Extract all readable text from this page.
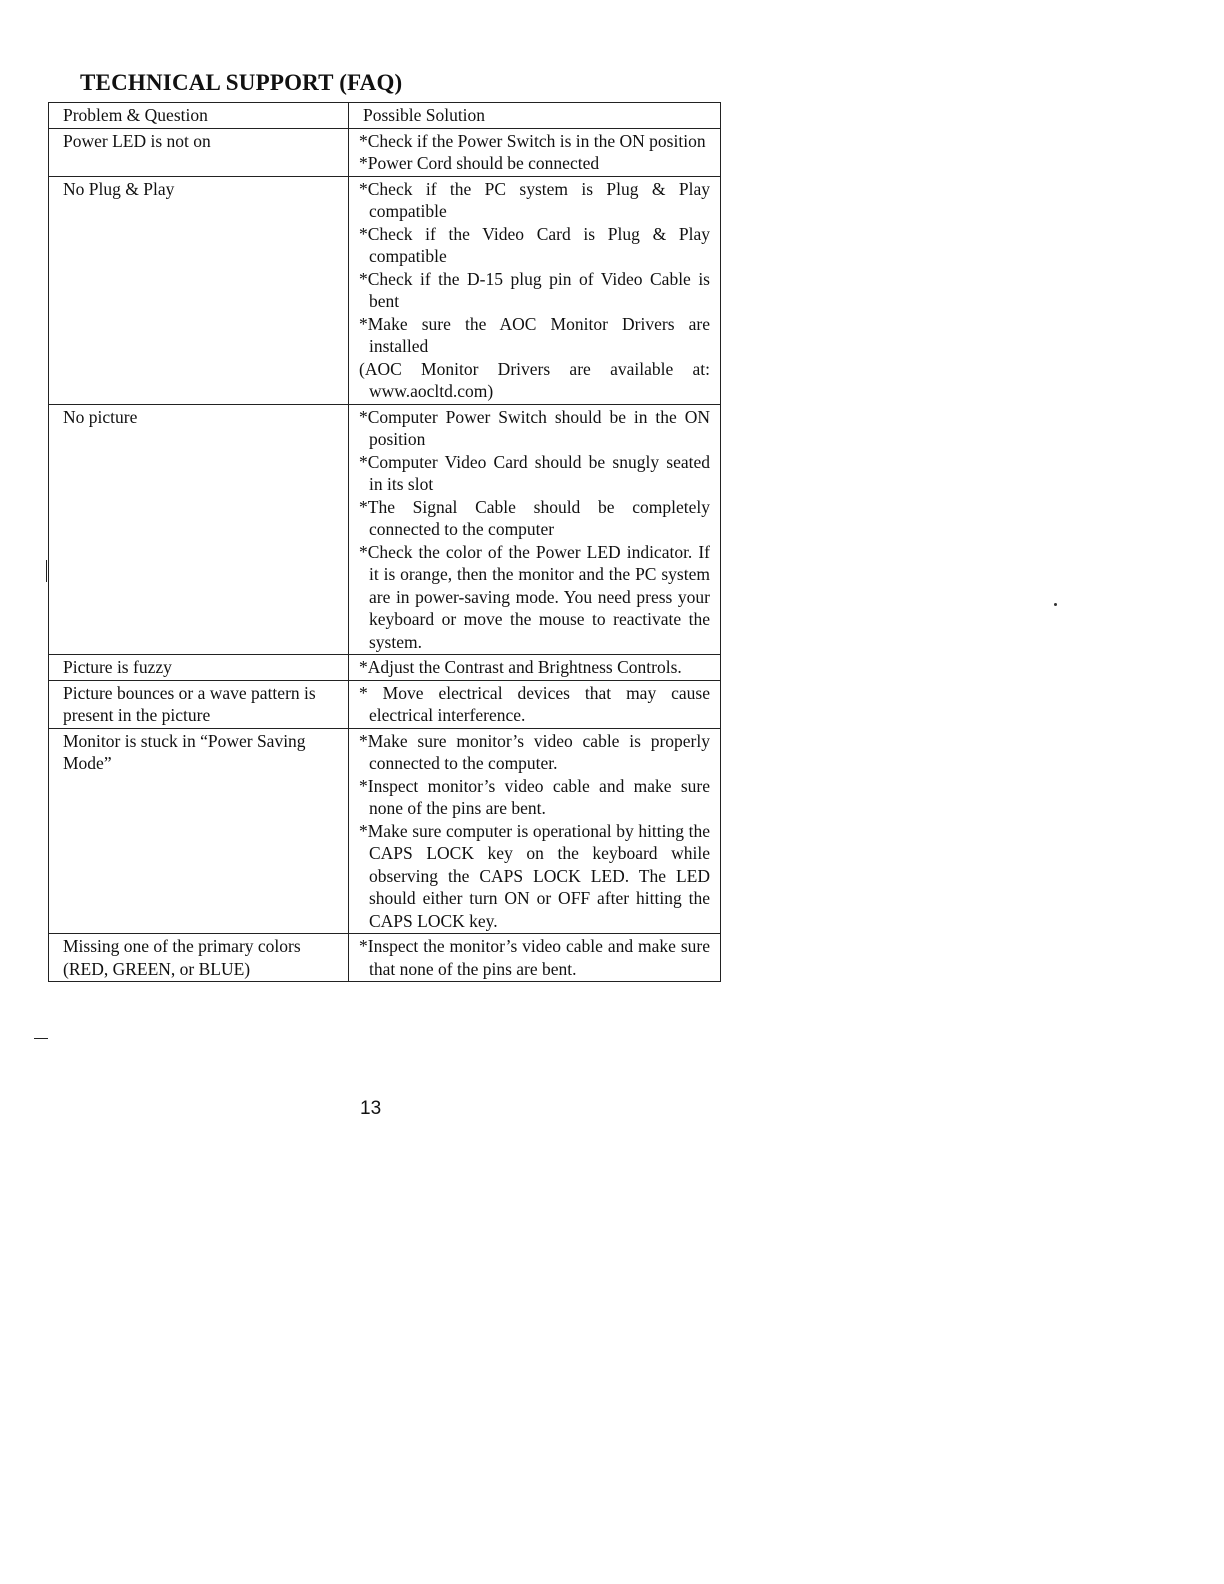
TECHNICAL SUPPORT (FAQ)
Problem & Question	Possible Solution
Power LED is not on	*Check if the Power Switch is in the ON position
*Power Cord should be connected

No Plug & Play	*Check if the PC system is Plug & Play compatible
*Check if the Video Card is Plug & Play compatible
*Check if the D-15 plug pin of Video Cable is bent
*Make sure the AOC Monitor Drivers are installed
(AOC Monitor Drivers are available at: www.aocltd.com)

No picture	*Computer Power Switch should be in the ON position
*Computer Video Card should be snugly seated in its slot
*The Signal Cable should be completely connected to the computer
*Check the color of the Power LED indicator. If it is orange, then the monitor and the PC system are in power-saving mode. You need press your keyboard or move the mouse to reactivate the system.

Picture is fuzzy	*Adjust the Contrast and Brightness Controls.

Picture bounces or a wave pattern is present in the picture	* Move electrical devices that may cause electrical interference.

Monitor is stuck in “Power Saving Mode”	*Make sure monitor’s video cable is properly connected to the computer.
*Inspect monitor’s video cable and make sure none of the pins are bent.
*Make sure computer is operational by hitting the CAPS LOCK key on the keyboard while observing the CAPS LOCK LED. The LED should either turn ON or OFF after hitting the CAPS LOCK key.

Missing one of the primary colors (RED, GREEN, or BLUE)	*Inspect the monitor’s video cable and make sure that none of the pins are bent.
13
